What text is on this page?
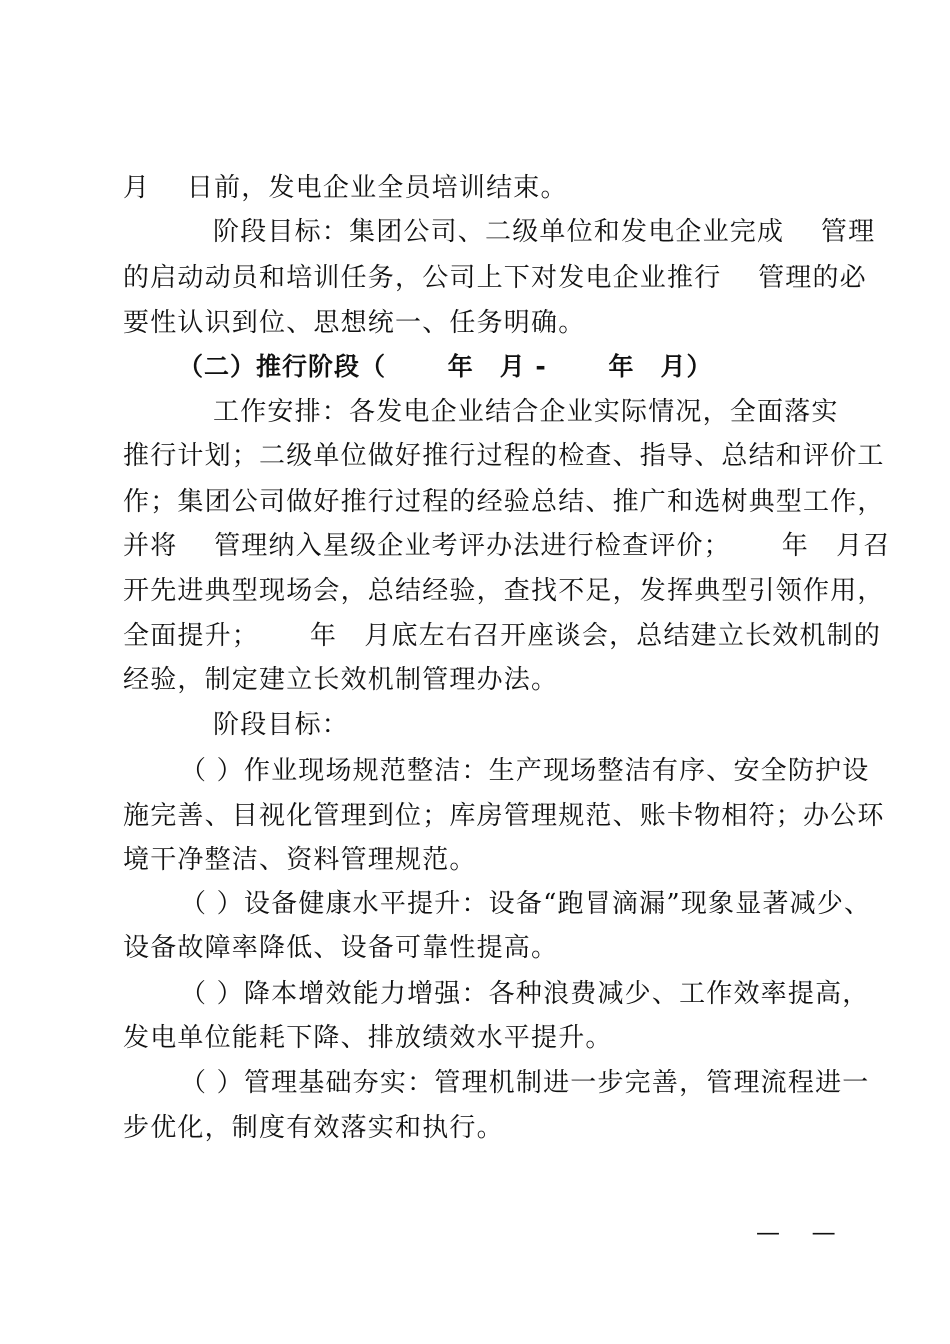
月　 日前，发电企业全员培训结束。
阶段目标：集团公司、二级单位和发电企业完成　 管理
的启动动员和培训任务，公司上下对发电企业推行　 管理的必
要性认识到位、思想统一、任务明确。
（二）推行阶段（　　 年　月 - 　　年　月）
工作安排：各发电企业结合企业实际情况，全面落实
推行计划；二级单位做好推行过程的检查、指导、总结和评价工
作；集团公司做好推行过程的经验总结、推广和选树典型工作，
并将　 管理纳入星级企业考评办法进行检查评价；　　 年　月召
开先进典型现场会，总结经验，查找不足，发挥典型引领作用，
全面提升；　　 年　月底左右召开座谈会，总结建立长效机制的
经验，制定建立长效机制管理办法。
阶段目标：
（ ）作业现场规范整洁：生产现场整洁有序、安全防护设
施完善、目视化管理到位；库房管理规范、账卡物相符；办公环
境干净整洁、资料管理规范。
（ ）设备健康水平提升：设备“跑冒滴漏”现象显著减少、
设备故障率降低、设备可靠性提高。
（ ）降本增效能力增强：各种浪费减少、工作效率提高，
发电单位能耗下降、排放绩效水平提升。
（ ）管理基础夯实：管理机制进一步完善，管理流程进一
步优化，制度有效落实和执行。
—　 —
